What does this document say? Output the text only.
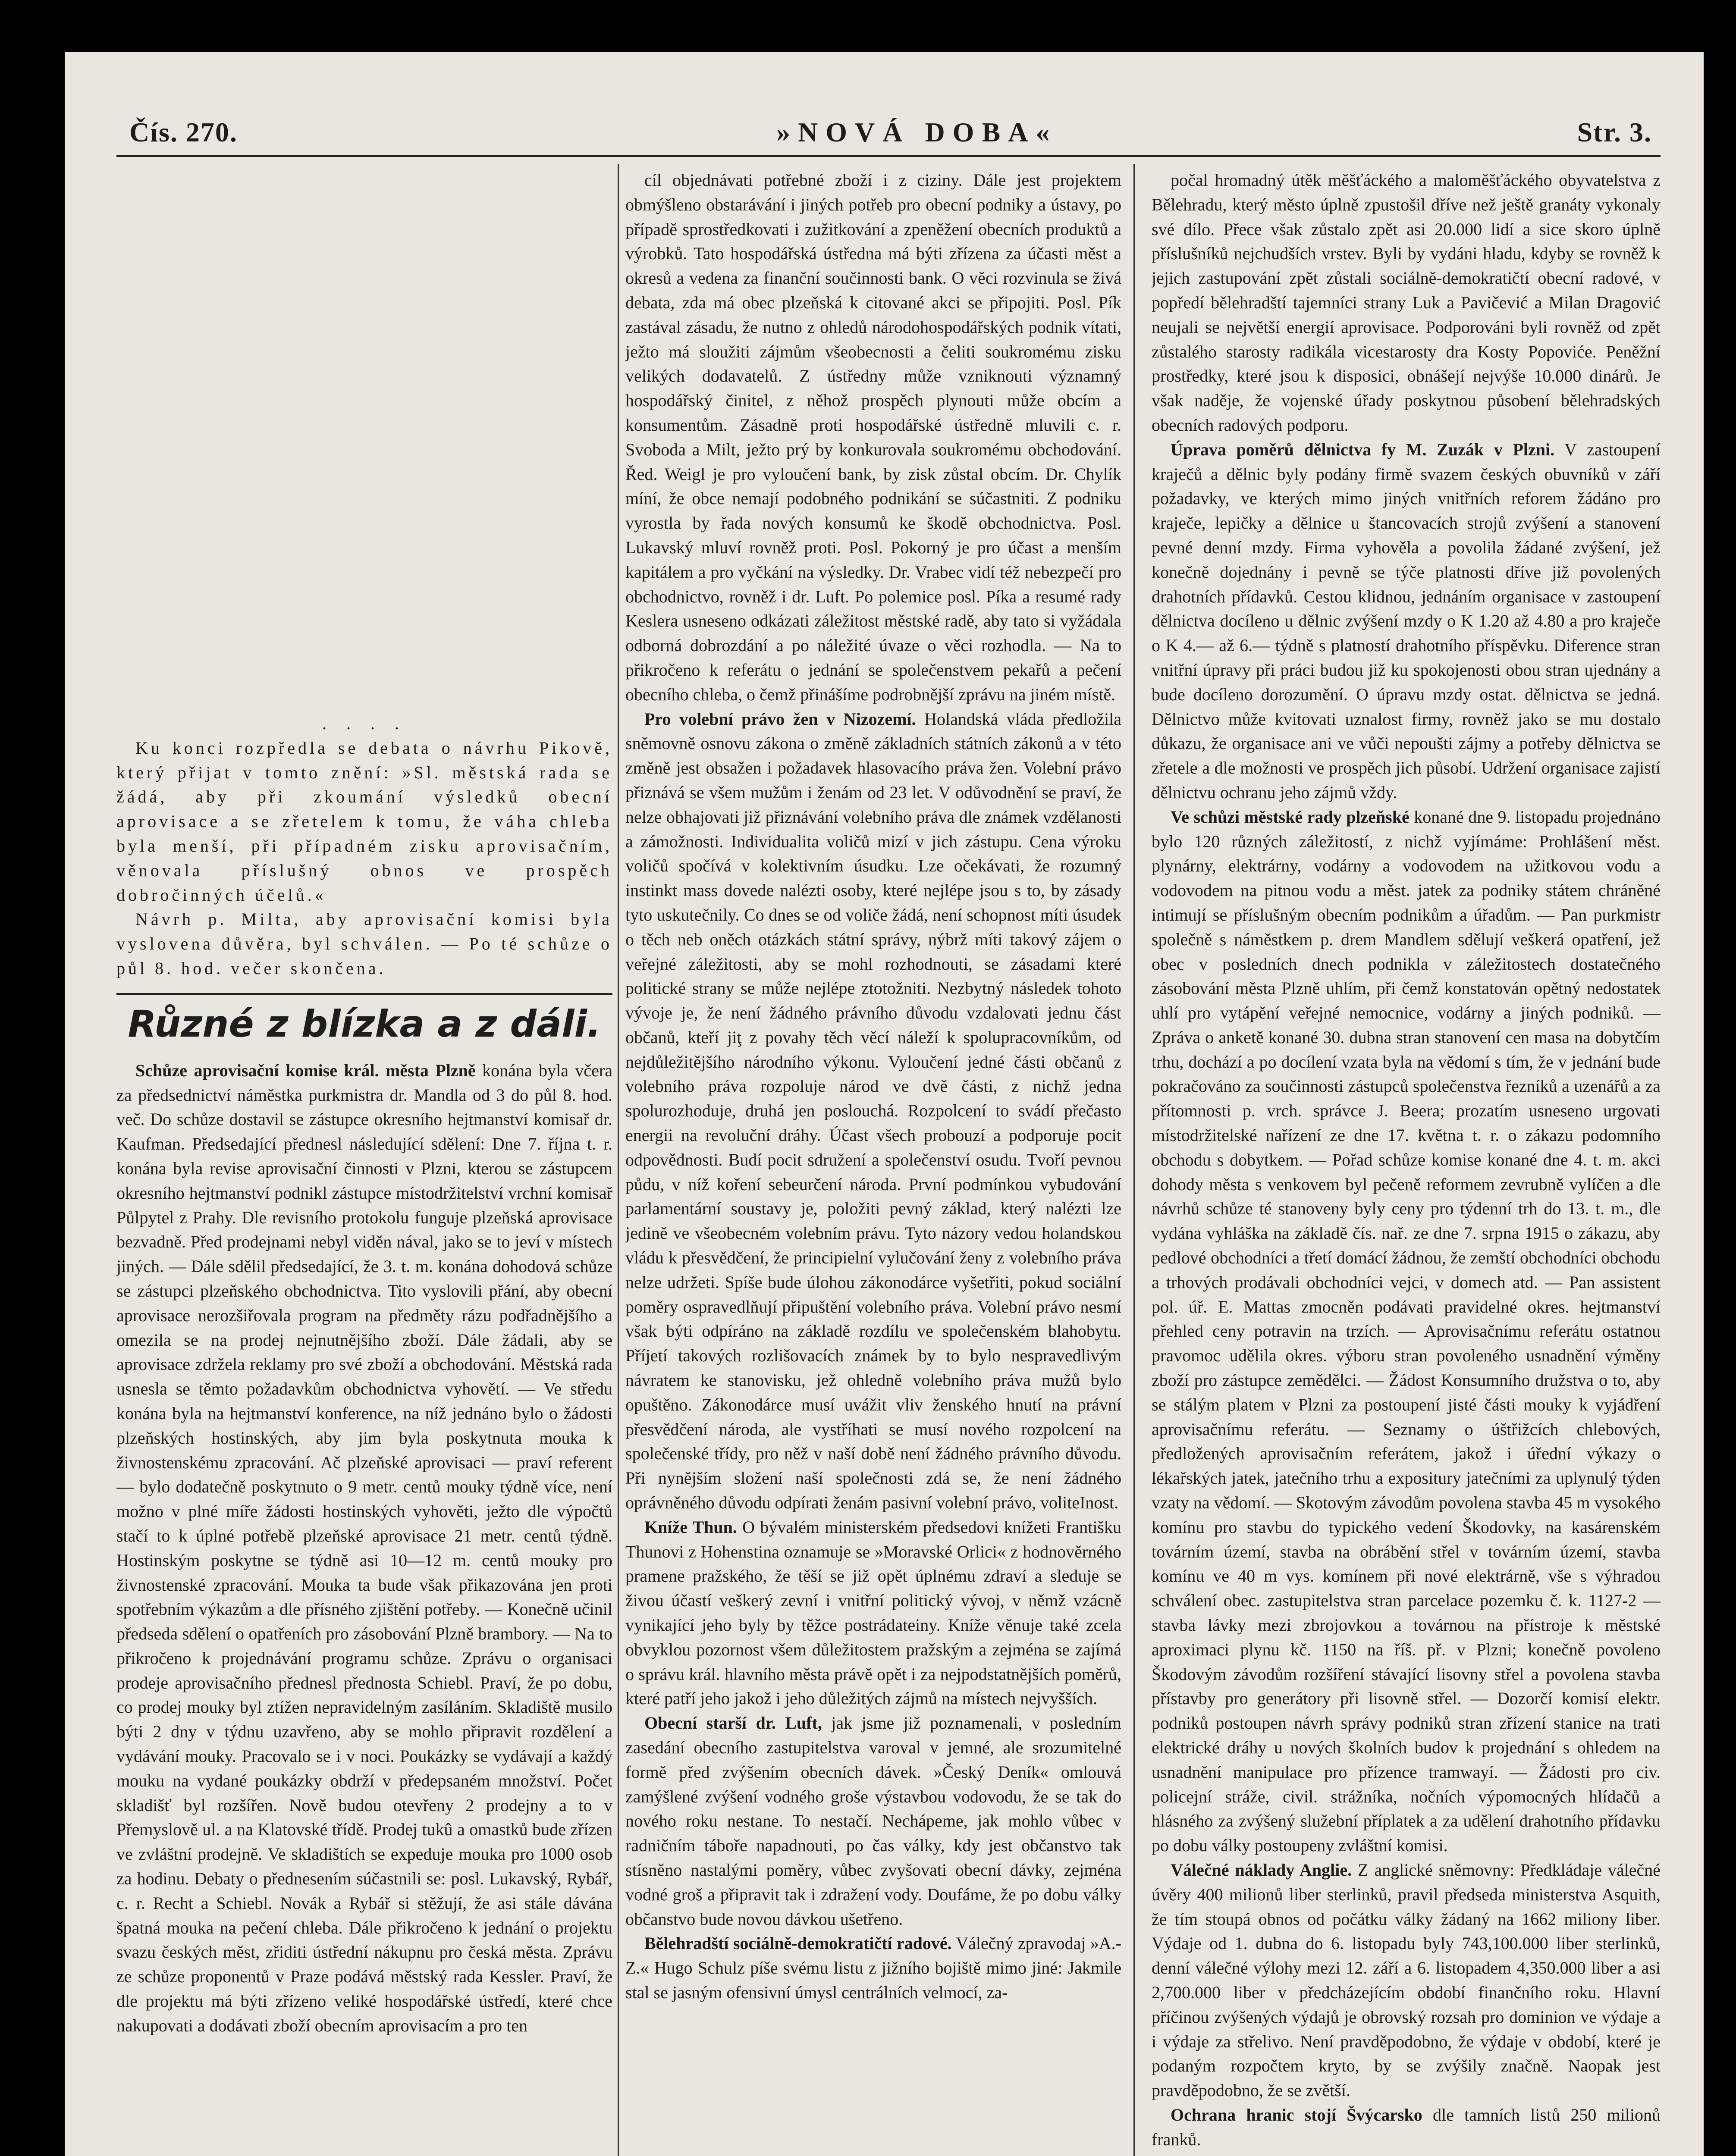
Čís. 270.	»NOVÁ DOBA«	Str. 3.

. . . .

Ku konci rozpředla se debata o návrhu Pikově, který přijat v tomto znění: »Sl. městská rada se žádá, aby při zkoumání výsledků obecní aprovisace a se zřetelem k tomu, že váha chleba byla menší, při případném zisku aprovisačním, věnovala příslušný obnos ve prospěch dobročinných účelů.«

Návrh p. Milta, aby aprovisační komisi byla vyslovena důvěra, byl schválen. — Po té schůze o půl 8. hod. večer skončena.

Různé z blízka a z dáli.

Schůze aprovisační komise král. města Plzně konána byla včera za předsednictví náměstka purkmistra dr. Mandla od 3 do půl 8. hod. več. Do schůze dostavil se zástupce okresního hejtmanství komisař dr. Kaufman. Předsedající přednesl následující sdělení: Dne 7. října t. r. konána byla revise aprovisační činnosti v Plzni, kterou se zástupcem okresního hejtmanství podnikl zástupce místodržitelství vrchní komisař Půlpytel z Prahy. Dle revisního protokolu funguje plzeňská aprovisace bezvadně. Před prodejnami nebyl viděn nával, jako se to jeví v místech jiných. — Dále sdělil předsedající, že 3. t. m. konána dohodová schůze se zástupci plzeňského obchodnictva. Tito vyslovili přání, aby obecní aprovisace nerozšiřovala program na předměty rázu podřadnějšího a omezila se na prodej nejnutnějšího zboží. Dále žádali, aby se aprovisace zdržela reklamy pro své zboží a obchodování. Městská rada usnesla se těmto požadavkům obchodnictva vyhovětí. — Ve středu konána byla na hejtmanství konference, na níž jednáno bylo o žádosti plzeňských hostinských, aby jim byla poskytnuta mouka k živnostenskému zpracování. Ač plzeňské aprovisaci — praví referent — bylo dodatečně poskytnuto o 9 metr. centů mouky týdně více, není možno v plné míře žádosti hostinských vyhověti, ježto dle výpočtů stačí to k úplné potřebě plzeňské aprovisace 21 metr. centů týdně. Hostinským poskytne se týdně asi 10—12 m. centů mouky pro živnostenské zpracování. Mouka ta bude však přikazována jen proti spotřebním výkazům a dle přísného zjištění potřeby. — Konečně učinil předseda sdělení o opatřeních pro zásobování Plzně brambory. — Na to přikročeno k projednávání programu schůze. Zprávu o organisaci prodeje aprovisačního přednesl přednosta Schiebl. Praví, že po dobu, co prodej mouky byl ztížen nepravidelným zasíláním. Skladiště musilo býti 2 dny v týdnu uzavřeno, aby se mohlo připravit rozdělení a vydávání mouky. Pracovalo se i v noci. Poukázky se vydávají a každý mouku na vydané poukázky obdrží v předepsaném množství. Počet skladišť byl rozšířen. Nově budou otevřeny 2 prodejny a to v Přemyslově ul. a na Klatovské třídě. Prodej tukû a omastků bude zřízen ve zvláštní prodejně. Ve skladištích se expeduje mouka pro 1000 osob za hodinu. Debaty o přednesením súčastnili se: posl. Lukavský, Rybář, c. r. Recht a Schiebl. Novák a Rybář si stěžují, že asi stále dávána špatná mouka na pečení chleba. Dále přikročeno k jednání o projektu svazu českých měst, zřiditi ústřední nákupnu pro česká města. Zprávu ze schůze proponentů v Praze podává městský rada Kessler. Praví, že dle projektu má býti zřízeno veliké hospodářské ústředí, které chce nakupovati a dodávati zboží obecním aprovisacím a pro ten

cíl objednávati potřebné zboží i z ciziny. Dále jest projektem obmýšleno obstarávání i jiných potřeb pro obecní podniky a ústavy, po případě sprostředkovati i zužitkování a zpeněžení obecních produktů a výrobků. Tato hospodářská ústředna má býti zřízena za účasti měst a okresů a vedena za finanční součinnosti bank. O věci rozvinula se živá debata, zda má obec plzeňská k citované akci se připojiti. Posl. Pík zastával zásadu, že nutno z ohledů národohospodářských podnik vítati, ježto má sloužiti zájmům všeobecnosti a čeliti soukromému zisku velikých dodavatelů. Z ústředny může vzniknouti významný hospodářský činitel, z něhož prospěch plynouti může obcím a konsumentům. Zásadně proti hospodářské ústředně mluvili c. r. Svoboda a Milt, ježto prý by konkurovala soukromému obchodování. Řed. Weigl je pro vyloučení bank, by zisk zůstal obcím. Dr. Chylík míní, že obce nemají podobného podnikání se súčastniti. Z podniku vyrostla by řada nových konsumů ke škodě obchodnictva. Posl. Lukavský mluví rovněž proti. Posl. Pokorný je pro účast a menším kapitálem a pro vyčkání na výsledky. Dr. Vrabec vidí též nebezpečí pro obchodnictvo, rovněž i dr. Luft. Po polemice posl. Píka a resumé rady Keslera usneseno odkázati záležitost městské radě, aby tato si vyžádala odborná dobrozdání a po náležité úvaze o věci rozhodla. — Na to přikročeno k referátu o jednání se společenstvem pekařů a pečení obecního chleba, o čemž přinášíme podrobnější zprávu na jiném místě.

Pro volební právo žen v Nizozemí. Holandská vláda předložila sněmovně osnovu zákona o změně základních státních zákonů a v této změně jest obsažen i požadavek hlasovacího práva žen. Volební právo přiznává se všem mužům i ženám od 23 let. V odůvodnění se praví, že nelze obhajovati již přiznávání volebního práva dle známek vzdělanosti a zámožnosti. Individualita voličů mizí v jich zástupu. Cena výroku voličů spočívá v kolektivním úsudku. Lze očekávati, že rozumný instinkt mass dovede nalézti osoby, které nejlépe jsou s to, by zásady tyto uskutečnily. Co dnes se od voliče žádá, není schopnost míti úsudek o těch neb oněch otázkách státní správy, nýbrž míti takový zájem o veřejné záležitosti, aby se mohl rozhodnouti, se zásadami které politické strany se může nejlépe ztotožniti. Nezbytný následek tohoto vývoje je, že není žádného právního důvodu vzdalovati jednu část občanů, kteří jiţ z povahy těch věcí náleží k spolupracovníkům, od nejdůležitějšího národního výkonu. Vyloučení jedné části občanů z volebního práva rozpoluje národ ve dvě části, z nichž jedna spolurozhoduje, druhá jen poslouchá. Rozpolcení to svádí přečasto energii na revoluční dráhy. Účast všech probouzí a podporuje pocit odpovědnosti. Budí pocit sdružení a společenství osudu. Tvoří pevnou půdu, v níž koření sebeurčení národa. První podmínkou vybudování parlamentární soustavy je, položiti pevný základ, který nalézti lze jedině ve všeobecném volebním právu. Tyto názory vedou holandskou vládu k přesvědčení, že principielní vylučování ženy z volebního práva nelze udržeti. Spíše bude úlohou zákonodárce vyšetřiti, pokud sociální poměry ospravedlňují připuštění volebního práva. Volební právo nesmí však býti odpíráno na základě rozdílu ve společenském blahobytu. Příjetí takových rozlišovacích známek by to bylo nespravedlivým návratem ke stanovisku, jež ohledně volebního práva mužů bylo opuštěno. Zákonodárce musí uvážit vliv ženského hnutí na právní přesvědčení národa, ale vystříhati se musí nového rozpolcení na společenské třídy, pro něž v naší době není žádného právního důvodu. Při nynějším složení naší společnosti zdá se, že není žádného oprávněného důvodu odpírati ženám pasivní volební právo, voliteInost.

Kníže Thun. O bývalém ministerském předsedovi knížeti Františku Thunovi z Hohenstina oznamuje se »Moravské Orlici« z hodnověrného pramene pražského, že těší se již opět úplnému zdraví a sleduje se živou účastí veškerý zevní i vnitřní politický vývoj, v němž vzácně vynikající jeho byly by těžce postrádateiny. Kníže věnuje také zcela obvyklou pozornost všem důležitostem pražským a zejména se zajímá o správu král. hlavního města právě opět i za nejpodstatnějších poměrů, které patří jeho jakož i jeho důležitých zájmů na místech nejvyšších.

Obecní starší dr. Luft, jak jsme již poznamenali, v posledním zasedání obecního zastupitelstva varoval v jemné, ale srozumitelné formě před zvýšením obecních dávek. »Český Deník« omlouvá zamýšlené zvýšení vodného groše výstavbou vodovodu, že se tak do nového roku nestane. To nestačí. Nechápeme, jak mohlo vůbec v radničním táboře napadnouti, po čas války, kdy jest občanstvo tak stísněno nastalými poměry, vůbec zvyšovati obecní dávky, zejména vodné groš a připravit tak i zdražení vody. Doufáme, že po dobu války občanstvo bude novou dávkou ušetřeno.

Bělehradští sociálně-demokratičtí radové. Válečný zpravodaj »A.-Z.« Hugo Schulz píše svému listu z jižního bojiště mimo jiné: Jakmile stal se jasným ofensivní úmysl centrálních velmocí, za-

počal hromadný útěk měšťáckého a maloměšťáckého obyvatelstva z Bělehradu, který město úplně zpustošil dříve než ještě granáty vykonaly své dílo. Přece však zůstalo zpět asi 20.000 lidí a sice skoro úplně příslušníků nejchudších vrstev. Byli by vydáni hladu, kdyby se rovněž k jejich zastupování zpět zůstali sociálně-demokratičtí obecní radové, v popředí bělehradští tajemníci strany Luk a Pavičević a Milan Dragović neujali se největší energií aprovisace. Podporováni byli rovněž od zpět zůstalého starosty radikála vicestarosty dra Kosty Popoviće. Peněžní prostředky, které jsou k disposici, obnášejí nejvýše 10.000 dinárů. Je však naděje, že vojenské úřady poskytnou působení bělehradských obecních radových podporu.

Úprava poměrů dělnictva fy M. Zuzák v Plzni. V zastoupení kraječů a dělnic byly podány firmě svazem českých obuvníků v září požadavky, ve kterých mimo jiných vnitřních reforem žádáno pro kraječe, lepičky a dělnice u štancovacích strojů zvýšení a stanovení pevné denní mzdy. Firma vyhověla a povolila žádané zvýšení, jež konečně dojednány i pevně se týče platnosti dříve již povolených drahotních přídavků. Cestou klidnou, jednáním organisace v zastoupení dělnictva docíleno u dělnic zvýšení mzdy o K 1.20 až 4.80 a pro kraječe o K 4.— až 6.— týdně s platností drahotního příspěvku. Diference stran vnitřní úpravy při práci budou již ku spokojenosti obou stran ujednány a bude docíleno dorozumění. O úpravu mzdy ostat. dělnictva se jedná. Dělnictvo může kvitovati uznalost firmy, rovněž jako se mu dostalo důkazu, že organisace ani ve vůči nepoušti zájmy a potřeby dělnictva se zřetele a dle možnosti ve prospěch jich působí. Udržení organisace zajistí dělnictvu ochranu jeho zájmů vždy.

Ve schůzi městské rady plzeňské konané dne 9. listopadu projednáno bylo 120 různých záležitostí, z nichž vyjímáme: Prohlášení měst. plynárny, elektrárny, vodárny a vodovodem na užitkovou vodu a vodovodem na pitnou vodu a měst. jatek za podniky státem chráněné intimují se příslušným obecním podnikům a úřadům. — Pan purkmistr společně s náměstkem p. drem Mandlem sdělují veškerá opatření, jež obec v posledních dnech podnikla v záležitostech dostatečného zásobování města Plzně uhlím, při čemž konstatován opětný nedostatek uhlí pro vytápění veřejné nemocnice, vodárny a jiných podniků. — Zpráva o anketě konané 30. dubna stran stanovení cen masa na dobytčím trhu, dochází a po docílení vzata byla na vědomí s tím, že v jednání bude pokračováno za součinnosti zástupců společenstva řezníků a uzenářů a za přítomnosti p. vrch. správce J. Beera; prozatím usneseno urgovati místodržitelské nařízení ze dne 17. května t. r. o zákazu podomního obchodu s dobytkem. — Pořad schůze komise konané dne 4. t. m. akci dohody města s venkovem byl pečeně reformem zevrubně vylíčen a dle návrhů schůze té stanoveny byly ceny pro týdenní trh do 13. t. m., dle vydána vyhláška na základě čís. nař. ze dne 7. srpna 1915 o zákazu, aby pedlové obchodníci a třetí domácí žádnou, že zemští obchodníci obchodu a trhových prodávali obchodníci vejci, v domech atd. — Pan assistent pol. úř. E. Mattas zmocněn podávati pravidelné okres. hejtmanství přehled ceny potravin na trzích. — Aprovisačnímu referátu ostatnou pravomoc udělila okres. výboru stran povoleného usnadnění výměny zboží pro zástupce zemědělci. — Žádost Konsumního družstva o to, aby se stálým platem v Plzni za postoupení jisté části mouky k vyjádření aprovisačnímu referátu. — Seznamy o úštřižcích chlebových, předložených aprovisačním referátem, jakož i úřední výkazy o lékařských jatek, jatečního trhu a expositury jatečními za uplynulý týden vzaty na vědomí. — Skotovým závodům povolena stavba 45 m vysokého komínu pro stavbu do typického vedení Škodovky, na kasárenském továrním území, stavba na obrábění střel v továrním území, stavba komínu ve 40 m vys. komínem při nové elektrárně, vše s výhradou schválení obec. zastupitelstva stran parcelace pozemku č. k. 1127-2 — stavba lávky mezi zbrojovkou a továrnou na přístroje k městské aproximaci plynu kč. 1150 na říš. př. v Plzni; konečně povoleno Škodovým závodům rozšíření stávající lisovny střel a povolena stavba přístavby pro generátory při lisovně střel. — Dozorčí komisí elektr. podniků postoupen návrh správy podniků stran zřízení stanice na trati elektrické dráhy u nových školních budov k projednání s ohledem na usnadnění manipulace pro přízence tramwayí. — Žádosti pro civ. policejní stráže, civil. strážníka, nočních výpomocných hlídačů a hlásného za zvýšený služební příplatek a za udělení drahotního přídavku po dobu války postoupeny zvláštní komisi.

Válečné náklady Anglie. Z anglické sněmovny: Předkládaje válečné úvěry 400 milionů liber sterlinků, pravil předseda ministerstva Asquith, že tím stoupá obnos od počátku války žádaný na 1662 miliony liber. Výdaje od 1. dubna do 6. listopadu byly 743,100.000 liber sterlinků, denní válečné výlohy mezi 12. září a 6. listopadem 4,350.000 liber a asi 2,700.000 liber v předcházejícím období finančního roku. Hlavní příčinou zvýšených výdajů je obrovský rozsah pro dominion ve výdaje a i výdaje za střelivo. Není pravděpodobno, že výdaje v období, které je podaným rozpočtem kryto, by se zvýšily značně. Naopak jest pravděpodobno, že se zvětší.

Ochrana hranic stojí Švýcarsko dle tamních listů 250 milionů franků.
